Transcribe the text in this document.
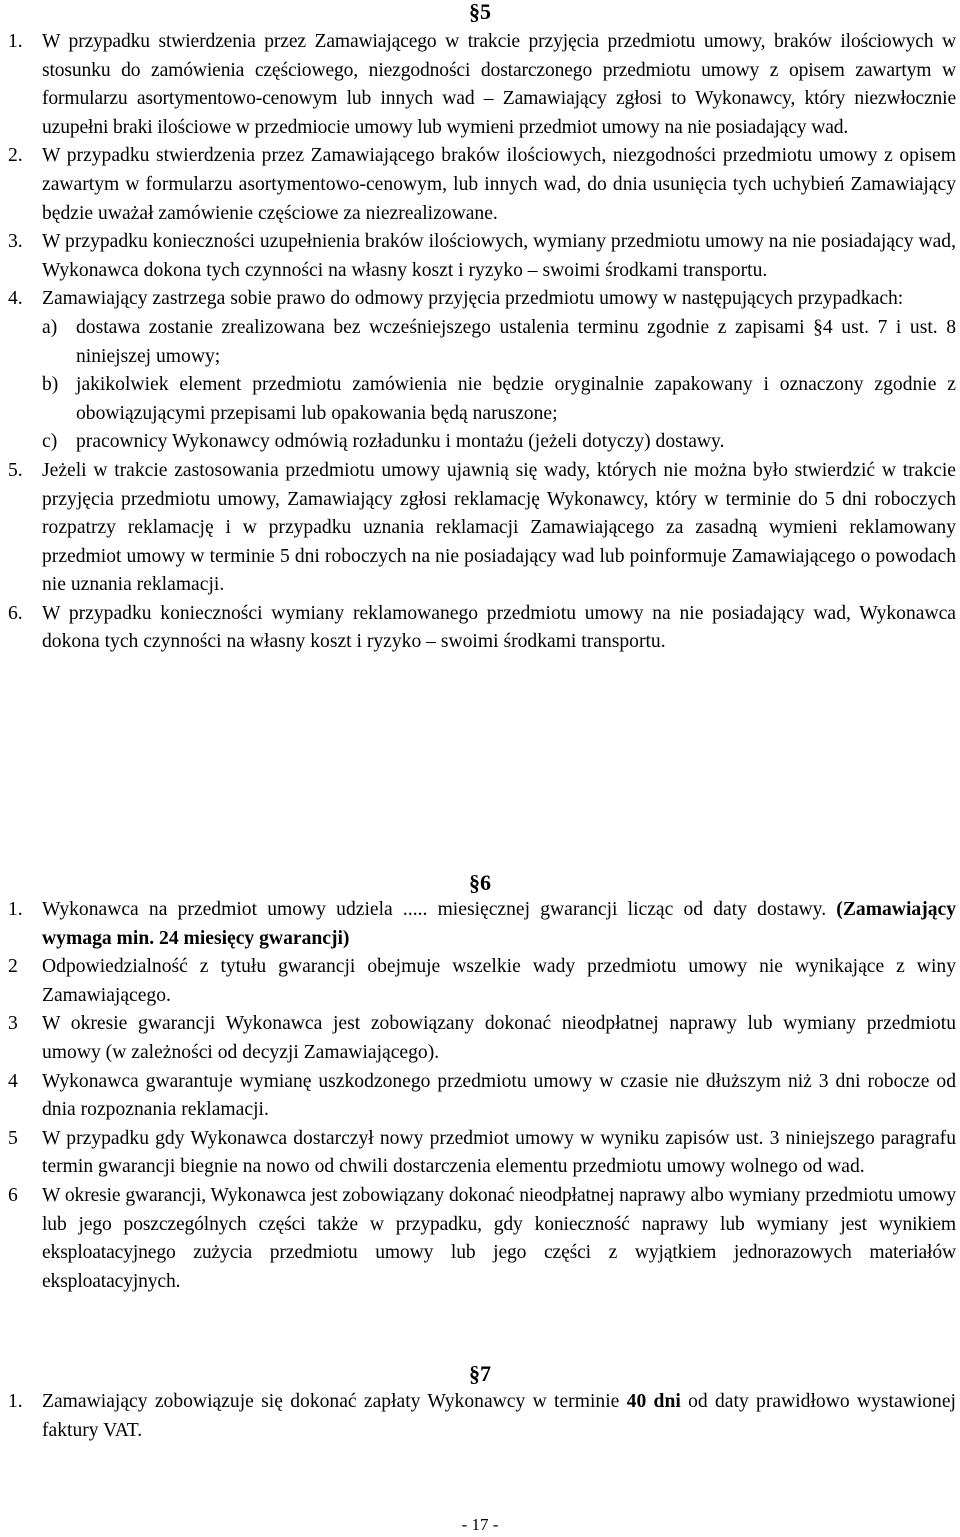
§5
1. W przypadku stwierdzenia przez Zamawiającego w trakcie przyjęcia przedmiotu umowy, braków ilościowych w stosunku do zamówienia częściowego, niezgodności dostarczonego przedmiotu umowy z opisem zawartym w formularzu asortymentowo-cenowym lub innych wad – Zamawiający zgłosi to Wykonawcy, który niezwłocznie uzupełni braki ilościowe w przedmiocie umowy lub wymieni przedmiot umowy na nie posiadający wad.
2. W przypadku stwierdzenia przez Zamawiającego braków ilościowych, niezgodności przedmiotu umowy z opisem zawartym w formularzu asortymentowo-cenowym, lub innych wad, do dnia usunięcia tych uchybień Zamawiający będzie uważał zamówienie częściowe za niezrealizowane.
3. W przypadku konieczności uzupełnienia braków ilościowych, wymiany przedmiotu umowy na nie posiadający wad, Wykonawca dokona tych czynności na własny koszt i ryzyko – swoimi środkami transportu.
4. Zamawiający zastrzega sobie prawo do odmowy przyjęcia przedmiotu umowy w następujących przypadkach:
a) dostawa zostanie zrealizowana bez wcześniejszego ustalenia terminu zgodnie z zapisami §4 ust. 7 i ust. 8 niniejszej umowy;
b) jakikolwiek element przedmiotu zamówienia nie będzie oryginalnie zapakowany i oznaczony zgodnie z obowiązującymi przepisami lub opakowania będą naruszone;
c) pracownicy Wykonawcy odmówią rozładunku i montażu (jeżeli dotyczy) dostawy.
5. Jeżeli w trakcie zastosowania przedmiotu umowy ujawnią się wady, których nie można było stwierdzić w trakcie przyjęcia przedmiotu umowy, Zamawiający zgłosi reklamację Wykonawcy, który w terminie do 5 dni roboczych rozpatrzy reklamację i w przypadku uznania reklamacji Zamawiającego za zasadną wymieni reklamowany przedmiot umowy w terminie 5 dni roboczych na nie posiadający wad lub poinformuje Zamawiającego o powodach nie uznania reklamacji.
6. W przypadku konieczności wymiany reklamowanego przedmiotu umowy na nie posiadający wad, Wykonawca dokona tych czynności na własny koszt i ryzyko – swoimi środkami transportu.
§6
1. Wykonawca na przedmiot umowy udziela ..... miesięcznej gwarancji licząc od daty dostawy. (Zamawiający wymaga min. 24 miesięcy gwarancji)
2	Odpowiedzialność z tytułu gwarancji obejmuje wszelkie wady przedmiotu umowy nie wynikające z winy Zamawiającego.
3	W okresie gwarancji Wykonawca jest zobowiązany dokonać nieodpłatnej naprawy lub wymiany przedmiotu umowy (w zależności od decyzji Zamawiającego).
4	Wykonawca gwarantuje wymianę uszkodzonego przedmiotu umowy w czasie nie dłuższym niż 3 dni robocze od dnia rozpoznania reklamacji.
5	W przypadku gdy Wykonawca dostarczył nowy przedmiot umowy w wyniku zapisów ust. 3 niniejszego paragrafu termin gwarancji biegnie na nowo od chwili dostarczenia elementu przedmiotu umowy wolnego od wad.
6	W okresie gwarancji, Wykonawca jest zobowiązany dokonać nieodpłatnej naprawy albo wymiany przedmiotu umowy lub jego poszczególnych części także w przypadku, gdy konieczność naprawy lub wymiany jest wynikiem eksploatacyjnego zużycia przedmiotu umowy lub jego części z wyjątkiem jednorazowych materiałów eksploatacyjnych.
§7
1. Zamawiający zobowiązuje się dokonać zapłaty Wykonawcy w terminie 40 dni od daty prawidłowo wystawionej faktury VAT.
- 17 -
